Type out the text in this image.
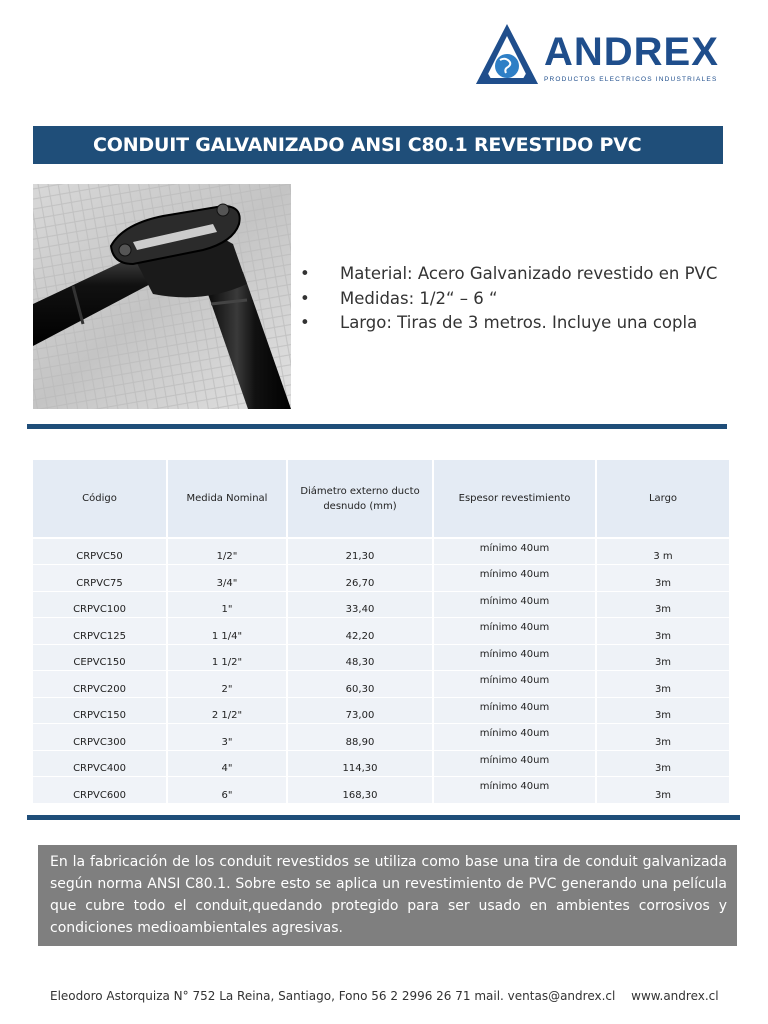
ANDREX
PRODUCTOS ELECTRICOS INDUSTRIALES
CONDUIT GALVANIZADO ANSI C80.1 REVESTIDO PVC
• Material: Acero Galvanizado revestido en PVC
• Medidas: 1/2“ – 6 “
• Largo: Tiras de 3 metros. Incluye una copla
Código	Medida Nominal	Diámetro externo ducto desnudo (mm)	Espesor revestimiento	Largo
CRPVC50	1/2"	21,30	mínimo 40um	3 m
CRPVC75	3/4"	26,70	mínimo 40um	3m
CRPVC100	1"	33,40	mínimo 40um	3m
CRPVC125	1 1/4"	42,20	mínimo 40um	3m
CEPVC150	1 1/2"	48,30	mínimo 40um	3m
CRPVC200	2"	60,30	mínimo 40um	3m
CRPVC150	2 1/2"	73,00	mínimo 40um	3m
CRPVC300	3"	88,90	mínimo 40um	3m
CRPVC400	4"	114,30	mínimo 40um	3m
CRPVC600	6"	168,30	mínimo 40um	3m
En la fabricación de los conduit revestidos se utiliza como base una tira de conduit galvanizada según norma ANSI C80.1. Sobre esto se aplica un revestimiento de PVC generando una película que cubre todo el conduit,quedando protegido para ser usado en ambientes corrosivos y condiciones medioambientales agresivas.
Eleodoro Astorquiza N° 752 La Reina, Santiago, Fono 56 2 2996 26 71 mail. ventas@andrex.cl www.andrex.cl
